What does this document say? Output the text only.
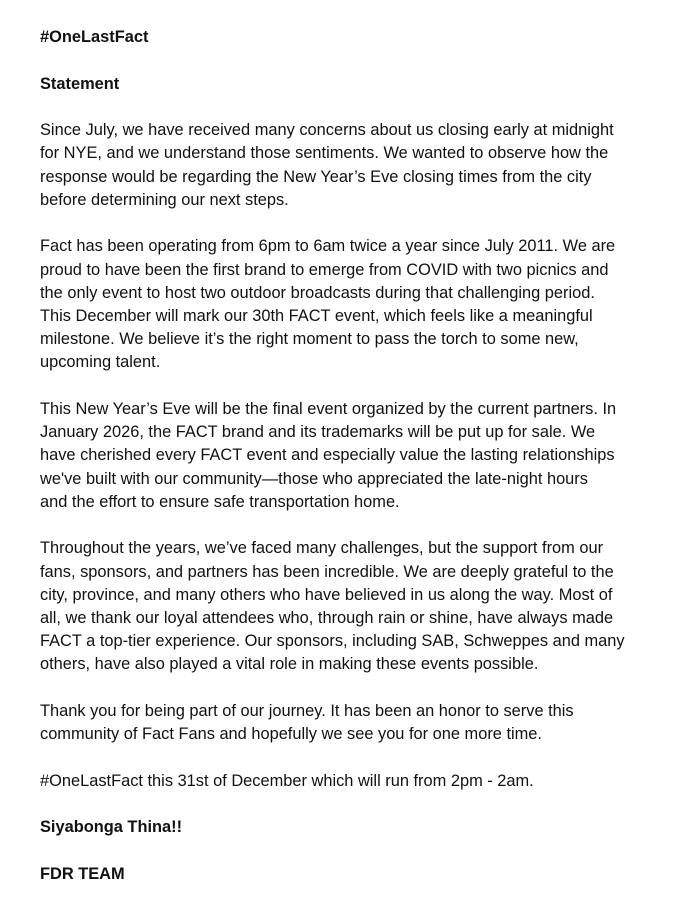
#OneLastFact

Statement

Since July, we have received many concerns about us closing early at midnight
for NYE, and we understand those sentiments. We wanted to observe how the
response would be regarding the New Year’s Eve closing times from the city
before determining our next steps.

Fact has been operating from 6pm to 6am twice a year since July 2011. We are
proud to have been the first brand to emerge from COVID with two picnics and
the only event to host two outdoor broadcasts during that challenging period.
This December will mark our 30th FACT event, which feels like a meaningful
milestone. We believe it’s the right moment to pass the torch to some new,
upcoming talent.

This New Year’s Eve will be the final event organized by the current partners. In
January 2026, the FACT brand and its trademarks will be put up for sale. We
have cherished every FACT event and especially value the lasting relationships
we've built with our community—those who appreciated the late-night hours
and the effort to ensure safe transportation home.

Throughout the years, we’ve faced many challenges, but the support from our
fans, sponsors, and partners has been incredible. We are deeply grateful to the
city, province, and many others who have believed in us along the way. Most of
all, we thank our loyal attendees who, through rain or shine, have always made
FACT a top-tier experience. Our sponsors, including SAB, Schweppes and many
others, have also played a vital role in making these events possible.

Thank you for being part of our journey. It has been an honor to serve this
community of Fact Fans and hopefully we see you for one more time.

#OneLastFact this 31st of December which will run from 2pm - 2am.

Siyabonga Thina!!

FDR TEAM
